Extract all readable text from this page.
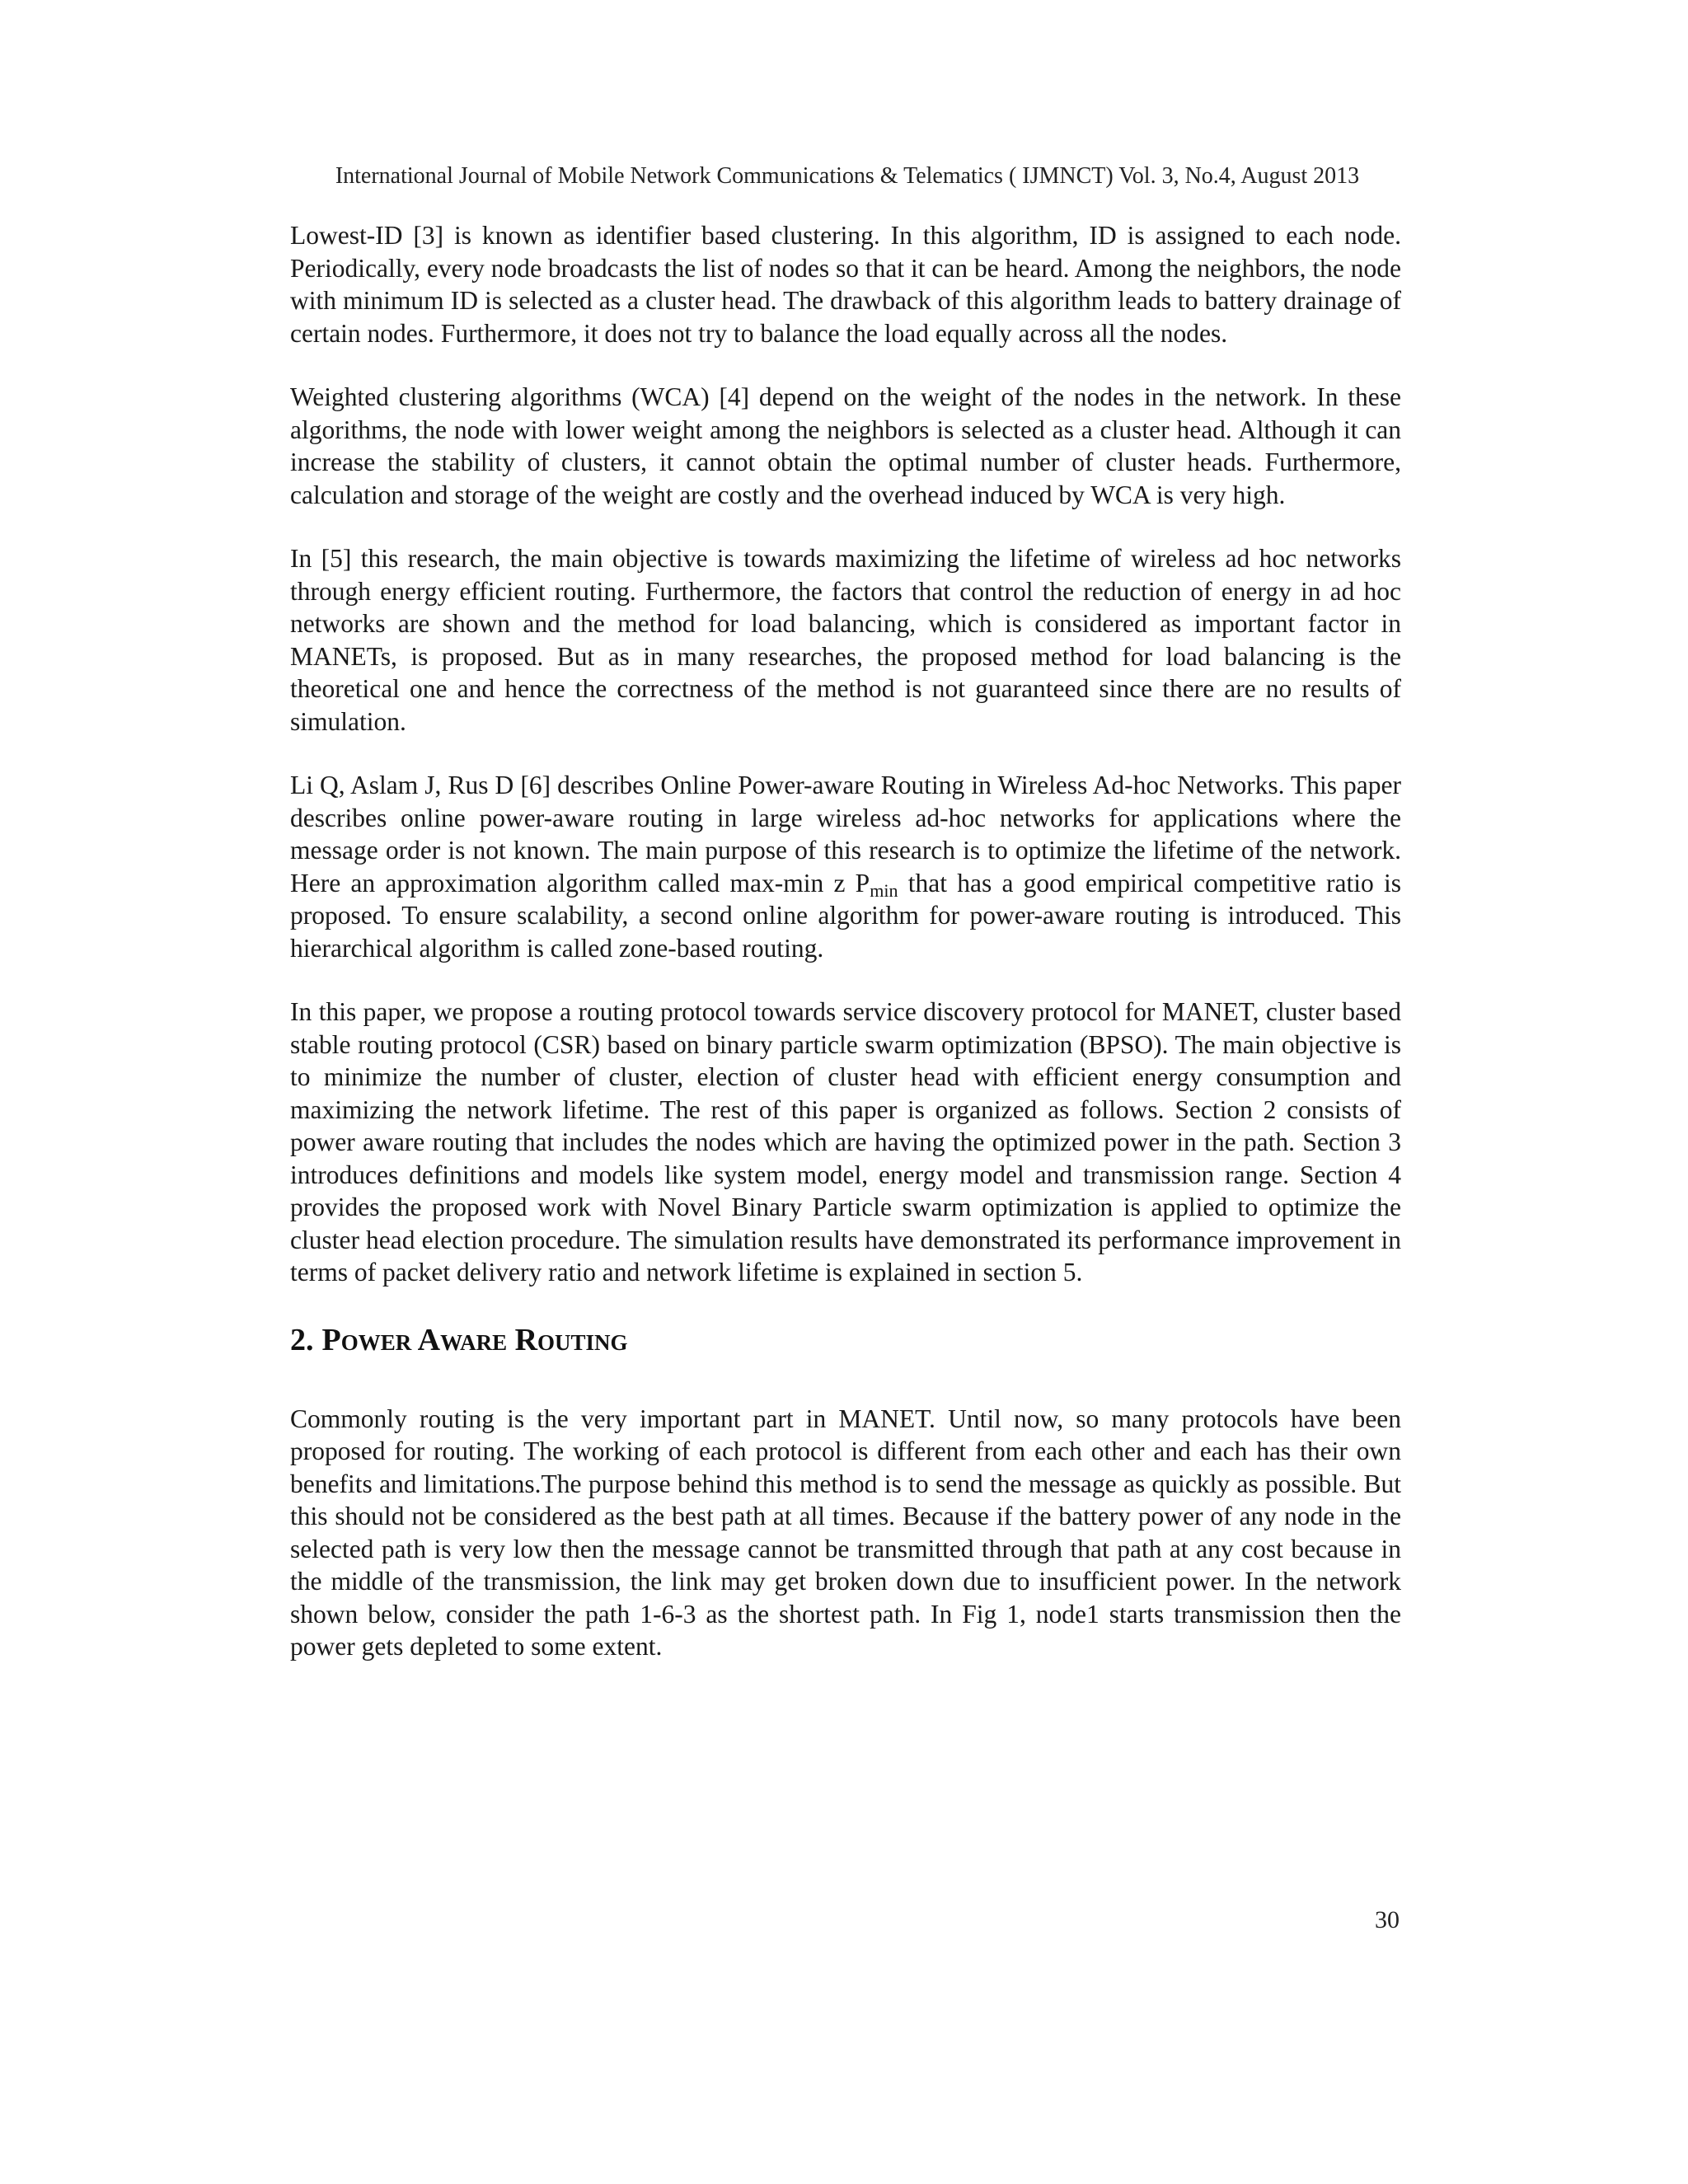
International Journal of Mobile Network Communications & Telematics ( IJMNCT) Vol. 3, No.4, August 2013

Lowest-ID [3] is known as identifier based clustering. In this algorithm, ID is assigned to each node. Periodically, every node broadcasts the list of nodes so that it can be heard. Among the neighbors, the node with minimum ID is selected as a cluster head. The drawback of this algorithm leads to battery drainage of certain nodes. Furthermore, it does not try to balance the load equally across all the nodes.

Weighted clustering algorithms (WCA) [4] depend on the weight of the nodes in the network. In these algorithms, the node with lower weight among the neighbors is selected as a cluster head. Although it can increase the stability of clusters, it cannot obtain the optimal number of cluster heads. Furthermore, calculation and storage of the weight are costly and the overhead induced by WCA is very high.

In [5] this research, the main objective is towards maximizing the lifetime of wireless ad hoc networks through energy efficient routing. Furthermore, the factors that control the reduction of energy in ad hoc networks are shown and the method for load balancing, which is considered as important factor in MANETs, is proposed. But as in many researches, the proposed method for load balancing is the theoretical one and hence the correctness of the method is not guaranteed since there are no results of simulation.

Li Q, Aslam J, Rus D [6] describes Online Power-aware Routing in Wireless Ad-hoc Networks. This paper describes online power-aware routing in large wireless ad-hoc networks for applications where the message order is not known. The main purpose of this research is to optimize the lifetime of the network. Here an approximation algorithm called max-min z $P_{min}$ that has a good empirical competitive ratio is proposed. To ensure scalability, a second online algorithm for power-aware routing is introduced. This hierarchical algorithm is called zone-based routing.

In this paper, we propose a routing protocol towards service discovery protocol for MANET, cluster based stable routing protocol (CSR) based on binary particle swarm optimization (BPSO). The main objective is to minimize the number of cluster, election of cluster head with efficient energy consumption and maximizing the network lifetime. The rest of this paper is organized as follows. Section 2 consists of power aware routing that includes the nodes which are having the optimized power in the path. Section 3 introduces definitions and models like system model, energy model and transmission range. Section 4 provides the proposed work with Novel Binary Particle swarm optimization is applied to optimize the cluster head election procedure. The simulation results have demonstrated its performance improvement in terms of packet delivery ratio and network lifetime is explained in section 5.

2. Power Aware Routing

Commonly routing is the very important part in MANET. Until now, so many protocols have been proposed for routing. The working of each protocol is different from each other and each has their own benefits and limitations.The purpose behind this method is to send the message as quickly as possible. But this should not be considered as the best path at all times. Because if the battery power of any node in the selected path is very low then the message cannot be transmitted through that path at any cost because in the middle of the transmission, the link may get broken down due to insufficient power. In the network shown below, consider the path 1-6-3 as the shortest path. In Fig 1, node1 starts transmission then the power gets depleted to some extent.

30
